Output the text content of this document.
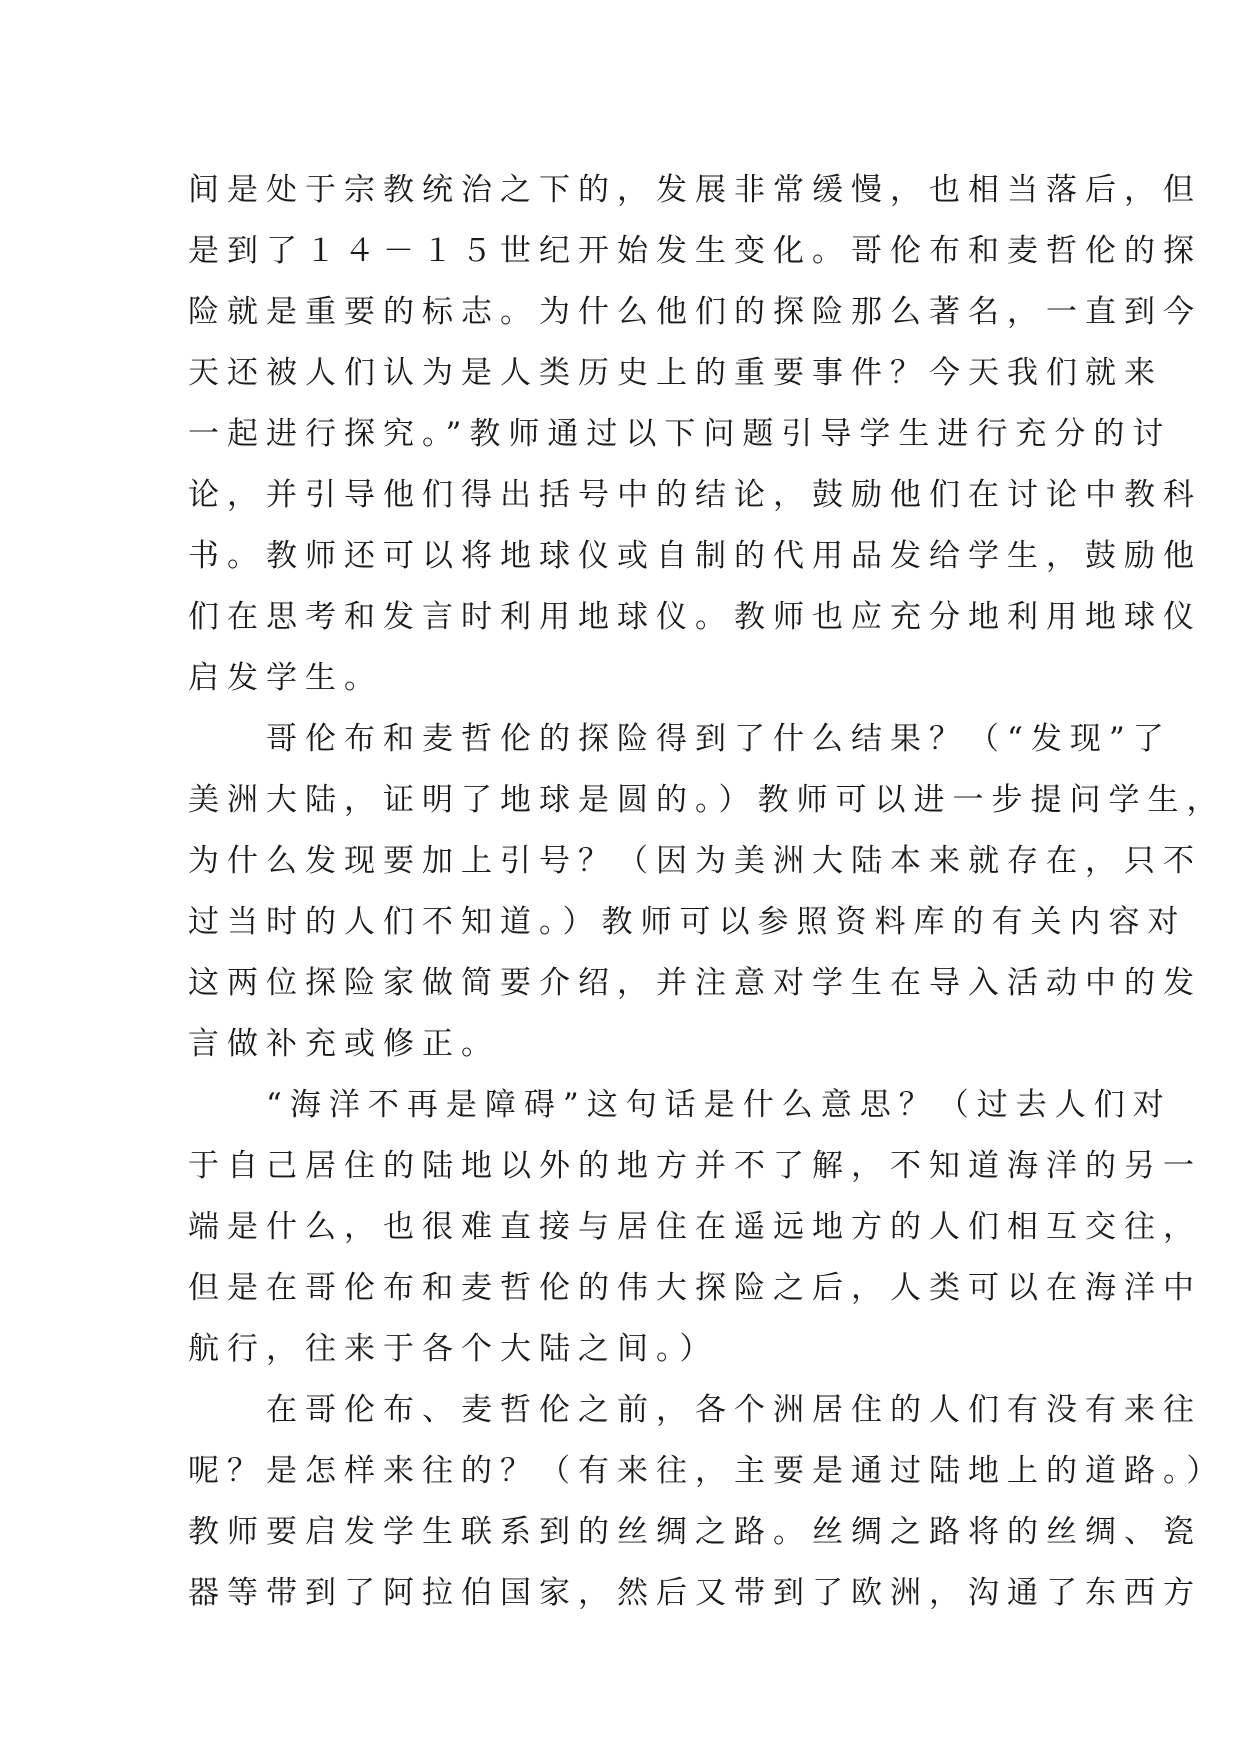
间是处于宗教统治之下的，发展非常缓慢，也相当落后，但
是到了１４－１５世纪开始发生变化。哥伦布和麦哲伦的探
险就是重要的标志。为什么他们的探险那么著名，一直到今
天还被人们认为是人类历史上的重要事件？今天我们就来
一起进行探究。”教师通过以下问题引导学生进行充分的讨
论，并引导他们得出括号中的结论，鼓励他们在讨论中教科
书。教师还可以将地球仪或自制的代用品发给学生，鼓励他
们在思考和发言时利用地球仪。教师也应充分地利用地球仪
启发学生。
　　哥伦布和麦哲伦的探险得到了什么结果？（“发现”了
美洲大陆，证明了地球是圆的。）教师可以进一步提问学生，
为什么发现要加上引号？（因为美洲大陆本来就存在，只不
过当时的人们不知道。）教师可以参照资料库的有关内容对
这两位探险家做简要介绍，并注意对学生在导入活动中的发
言做补充或修正。
　　“海洋不再是障碍”这句话是什么意思？（过去人们对
于自己居住的陆地以外的地方并不了解，不知道海洋的另一
端是什么，也很难直接与居住在遥远地方的人们相互交往，
但是在哥伦布和麦哲伦的伟大探险之后，人类可以在海洋中
航行，往来于各个大陆之间。）
　　在哥伦布、麦哲伦之前，各个洲居住的人们有没有来往
呢？是怎样来往的？（有来往，主要是通过陆地上的道路。）
教师要启发学生联系到的丝绸之路。丝绸之路将的丝绸、瓷
器等带到了阿拉伯国家，然后又带到了欧洲，沟通了东西方
